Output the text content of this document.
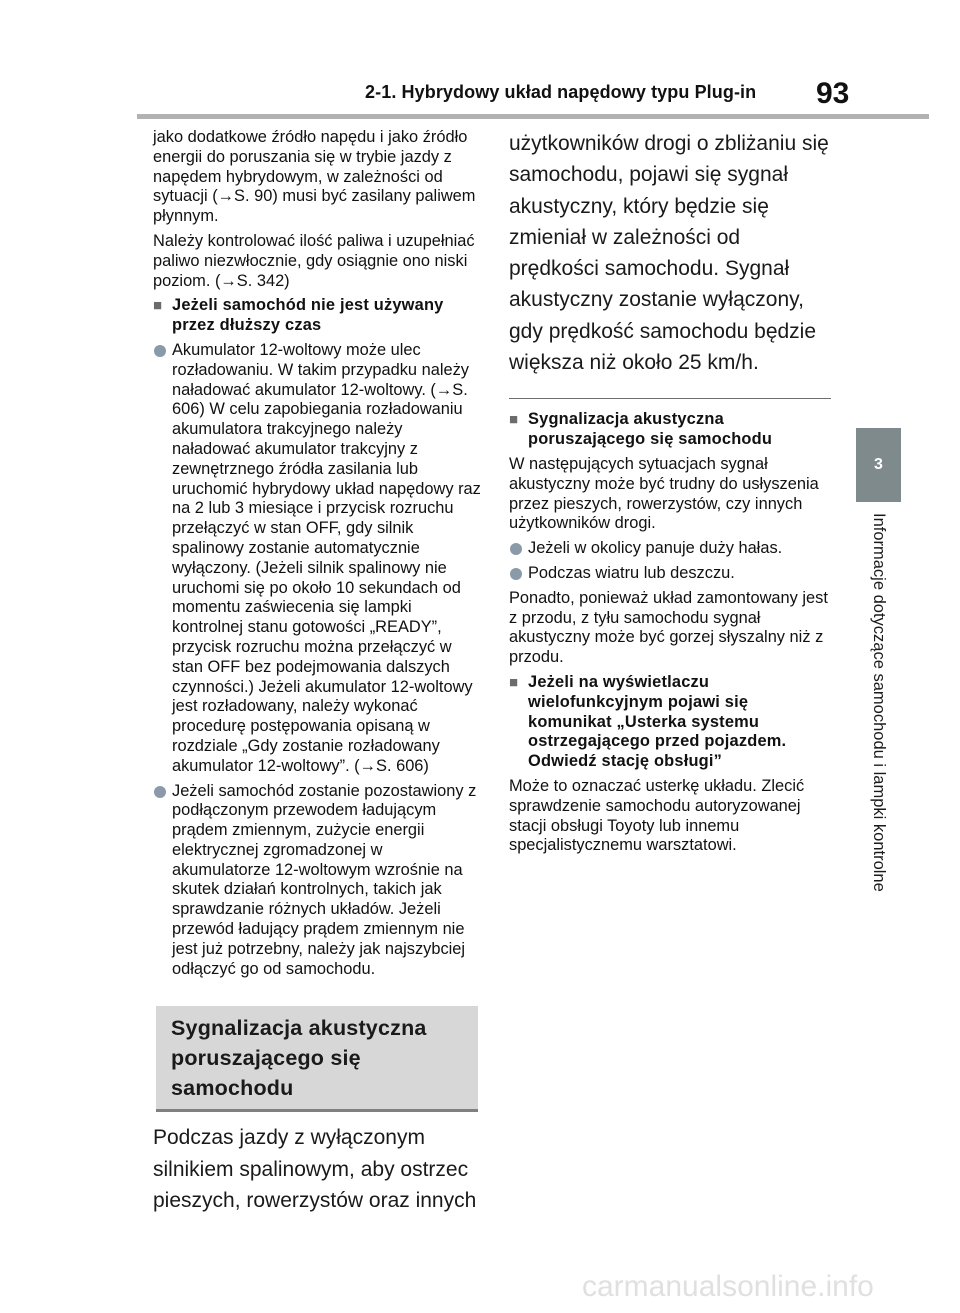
2-1. Hybrydowy układ napędowy typu Plug-in 93
3
Informacje dotyczące samochodu i lampki kontrolne

jako dodatkowe źródło napędu i jako źródło energii do poruszania się w trybie jazdy z napędem hybrydowym, w zależności od sytuacji (→S. 90) musi być zasilany paliwem płynnym.

Należy kontrolować ilość paliwa i uzupełniać paliwo niezwłocznie, gdy osiągnie ono niski poziom. (→S. 342)

■ Jeżeli samochód nie jest używany przez dłuższy czas
Akumulator 12-woltowy może ulec rozładowaniu. W takim przypadku należy naładować akumulator 12-woltowy. (→S. 606) W celu zapobiegania rozładowaniu akumulatora trakcyjnego należy naładować akumulator trakcyjny z zewnętrznego źródła zasilania lub uruchomić hybrydowy układ napędowy raz na 2 lub 3 miesiące i przycisk rozruchu przełączyć w stan OFF, gdy silnik spalinowy zostanie automatycznie wyłączony. (Jeżeli silnik spalinowy nie uruchomi się po około 10 sekundach od momentu zaświecenia się lampki kontrolnej stanu gotowości „READY”, przycisk rozruchu można przełączyć w stan OFF bez podejmowania dalszych czynności.) Jeżeli akumulator 12-woltowy jest rozładowany, należy wykonać procedurę postępowania opisaną w rozdziale „Gdy zostanie rozładowany akumulator 12-woltowy”. (→S. 606)
Jeżeli samochód zostanie pozostawiony z podłączonym przewodem ładującym prądem zmiennym, zużycie energii elektrycznej zgromadzonej w akumulatorze 12-woltowym wzrośnie na skutek działań kontrolnych, takich jak sprawdzanie różnych układów. Jeżeli przewód ładujący prądem zmiennym nie jest już potrzebny, należy jak najszybciej odłączyć go od samochodu.
Sygnalizacja akustyczna poruszającego się samochodu

Podczas jazdy z wyłączonym silnikiem spalinowym, aby ostrzec pieszych, rowerzystów oraz innych

użytkowników drogi o zbliżaniu się samochodu, pojawi się sygnał akustyczny, który będzie się zmieniał w zależności od prędkości samochodu. Sygnał akustyczny zostanie wyłączony, gdy prędkość samochodu będzie większa niż około 25 km/h.

■ Sygnalizacja akustyczna poruszającego się samochodu

W następujących sytuacjach sygnał akustyczny może być trudny do usłyszenia przez pieszych, rowerzystów, czy innych użytkowników drogi.

Jeżeli w okolicy panuje duży hałas.
Podczas wiatru lub deszczu.

Ponadto, ponieważ układ zamontowany jest z przodu, z tyłu samochodu sygnał akustyczny może być gorzej słyszalny niż z przodu.

■ Jeżeli na wyświetlaczu wielofunkcyjnym pojawi się komunikat „Usterka systemu ostrzegającego przed pojazdem. Odwiedź stację obsługi”

Może to oznaczać usterkę układu. Zlecić sprawdzenie samochodu autoryzowanej stacji obsługi Toyoty lub innemu specjalistycznemu warsztatowi.

carmanualsonline.info
